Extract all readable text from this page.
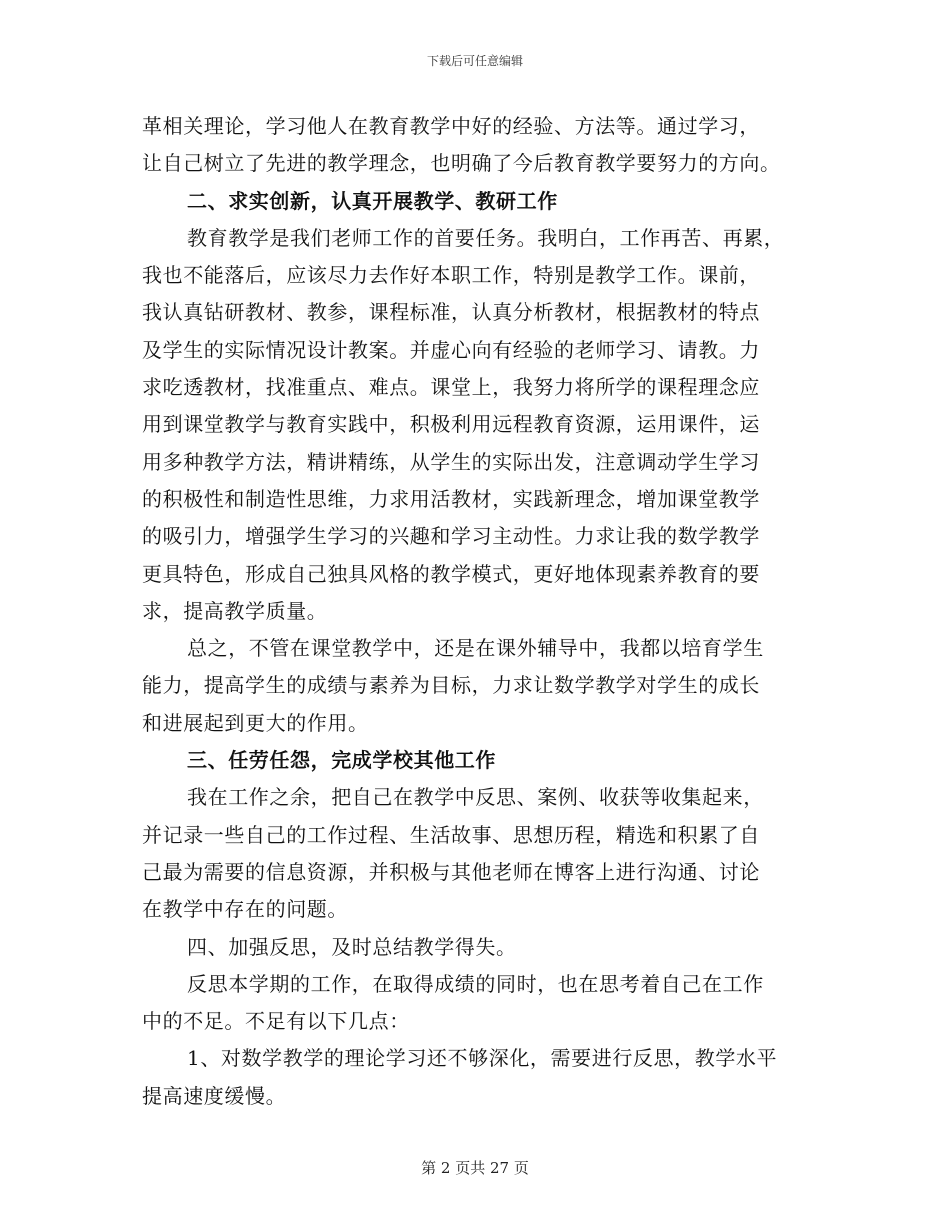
下载后可任意编辑
革相关理论，学习他人在教育教学中好的经验、方法等。通过学习，
让自己树立了先进的教学理念，也明确了今后教育教学要努力的方向。
二、求实创新，认真开展教学、教研工作
教育教学是我们老师工作的首要任务。我明白，工作再苦、再累，
我也不能落后，应该尽力去作好本职工作，特别是教学工作。课前，
我认真钻研教材、教参，课程标准，认真分析教材，根据教材的特点
及学生的实际情况设计教案。并虚心向有经验的老师学习、请教。力
求吃透教材，找准重点、难点。课堂上，我努力将所学的课程理念应
用到课堂教学与教育实践中，积极利用远程教育资源，运用课件，运
用多种教学方法，精讲精练，从学生的实际出发，注意调动学生学习
的积极性和制造性思维，力求用活教材，实践新理念，增加课堂教学
的吸引力，增强学生学习的兴趣和学习主动性。力求让我的数学教学
更具特色，形成自己独具风格的教学模式，更好地体现素养教育的要
求，提高教学质量。
总之，不管在课堂教学中，还是在课外辅导中，我都以培育学生
能力，提高学生的成绩与素养为目标，力求让数学教学对学生的成长
和进展起到更大的作用。
三、任劳任怨，完成学校其他工作
我在工作之余，把自己在教学中反思、案例、收获等收集起来，
并记录一些自己的工作过程、生活故事、思想历程，精选和积累了自
己最为需要的信息资源，并积极与其他老师在博客上进行沟通、讨论
在教学中存在的问题。
四、加强反思，及时总结教学得失。
反思本学期的工作，在取得成绩的同时，也在思考着自己在工作
中的不足。不足有以下几点：
1、对数学教学的理论学习还不够深化，需要进行反思，教学水平
提高速度缓慢。
第 2 页共 27 页
